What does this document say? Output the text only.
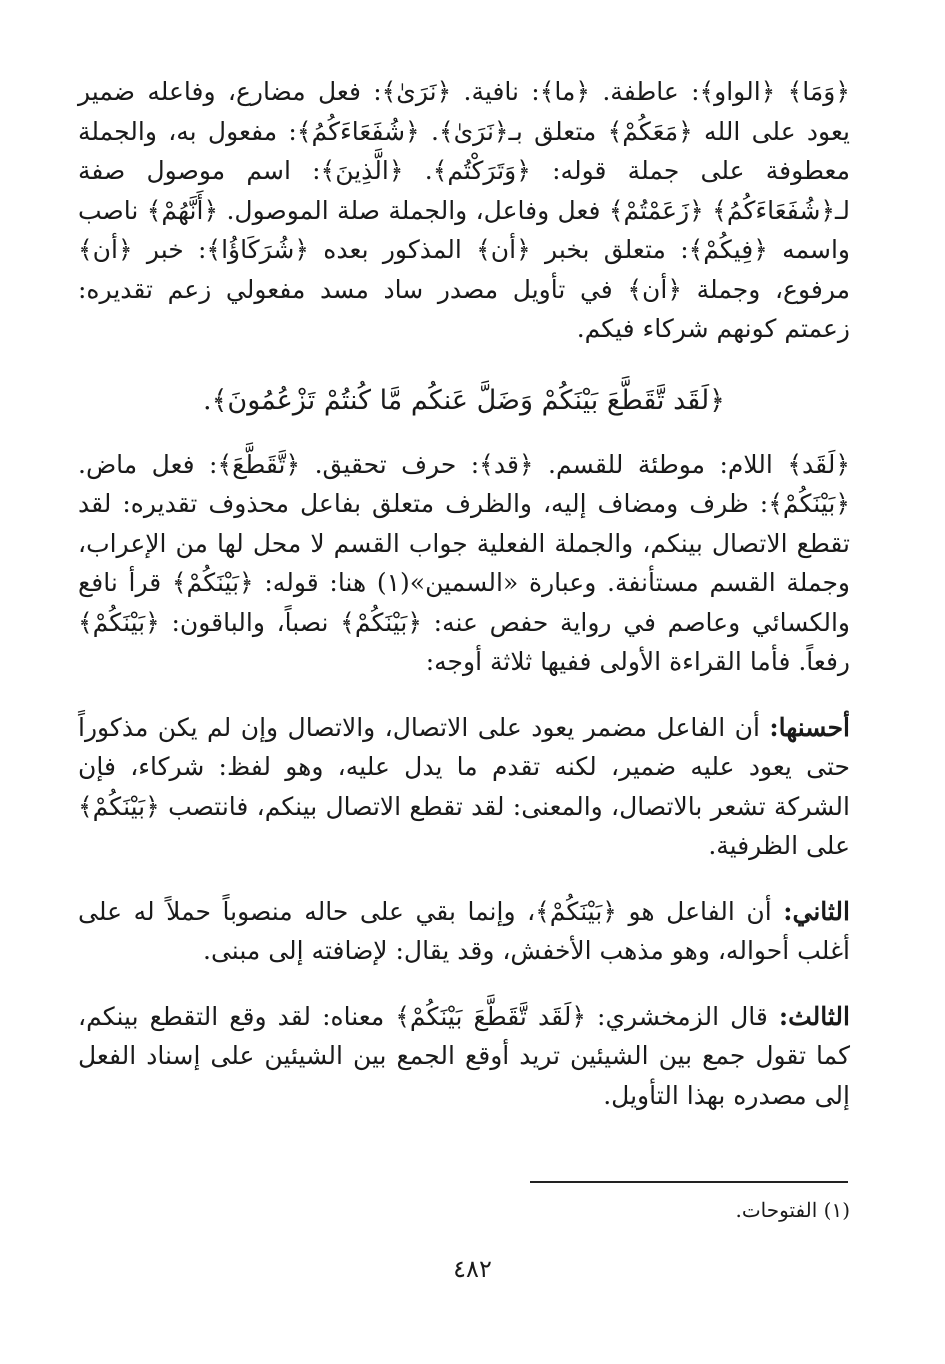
﴿وَمَا﴾ ﴿الواو﴾: عاطفة. ﴿ما﴾: نافية. ﴿نَرَىٰ﴾: فعل مضارع، وفاعله ضمير يعود على الله ﴿مَعَكُمْ﴾ متعلق بـ﴿نَرَىٰ﴾. ﴿شُفَعَاءَكُمُ﴾: مفعول به، والجملة معطوفة على جملة قوله: ﴿وَتَرَكْتُم﴾. ﴿الَّذِينَ﴾: اسم موصول صفة لـ﴿شُفَعَاءَكُمُ﴾ ﴿زَعَمْتُمْ﴾ فعل وفاعل، والجملة صلة الموصول. ﴿أَنَّهُمْ﴾ ناصب واسمه ﴿فِيكُمْ﴾: متعلق بخبر ﴿أن﴾ المذكور بعده ﴿شُرَكَاؤُا﴾: خبر ﴿أن﴾ مرفوع، وجملة ﴿أن﴾ في تأويل مصدر ساد مسد مفعولي زعم تقديره: زعمتم كونهم شركاء فيكم.

﴿لَقَد تَّقَطَّعَ بَيْنَكُمْ وَضَلَّ عَنكُم مَّا كُنتُمْ تَزْعُمُونَ﴾.

﴿لَقَد﴾ اللام: موطئة للقسم. ﴿قد﴾: حرف تحقيق. ﴿تَّقَطَّعَ﴾: فعل ماض. ﴿بَيْنَكُمْ﴾: ظرف ومضاف إليه، والظرف متعلق بفاعل محذوف تقديره: لقد تقطع الاتصال بينكم، والجملة الفعلية جواب القسم لا محل لها من الإعراب، وجملة القسم مستأنفة. وعبارة «السمين»(١) هنا: قوله: ﴿بَيْنَكُمْ﴾ قرأ نافع والكسائي وعاصم في رواية حفص عنه: ﴿بَيْنَكُمْ﴾ نصباً، والباقون: ﴿بَيْنَكُمْ﴾ رفعاً. فأما القراءة الأولى ففيها ثلاثة أوجه:

أحسنها: أن الفاعل مضمر يعود على الاتصال، والاتصال وإن لم يكن مذكوراً حتى يعود عليه ضمير، لكنه تقدم ما يدل عليه، وهو لفظ: شركاء، فإن الشركة تشعر بالاتصال، والمعنى: لقد تقطع الاتصال بينكم، فانتصب ﴿بَيْنَكُمْ﴾ على الظرفية.

الثاني: أن الفاعل هو ﴿بَيْنَكُمْ﴾، وإنما بقي على حاله منصوباً حملاً له على أغلب أحواله، وهو مذهب الأخفش، وقد يقال: لإضافته إلى مبنى.

الثالث: قال الزمخشري: ﴿لَقَد تَّقَطَّعَ بَيْنَكُمْ﴾ معناه: لقد وقع التقطع بينكم، كما تقول جمع بين الشيئين تريد أوقع الجمع بين الشيئين على إسناد الفعل إلى مصدره بهذا التأويل.

(١) الفتوحات.
٤٨٢
